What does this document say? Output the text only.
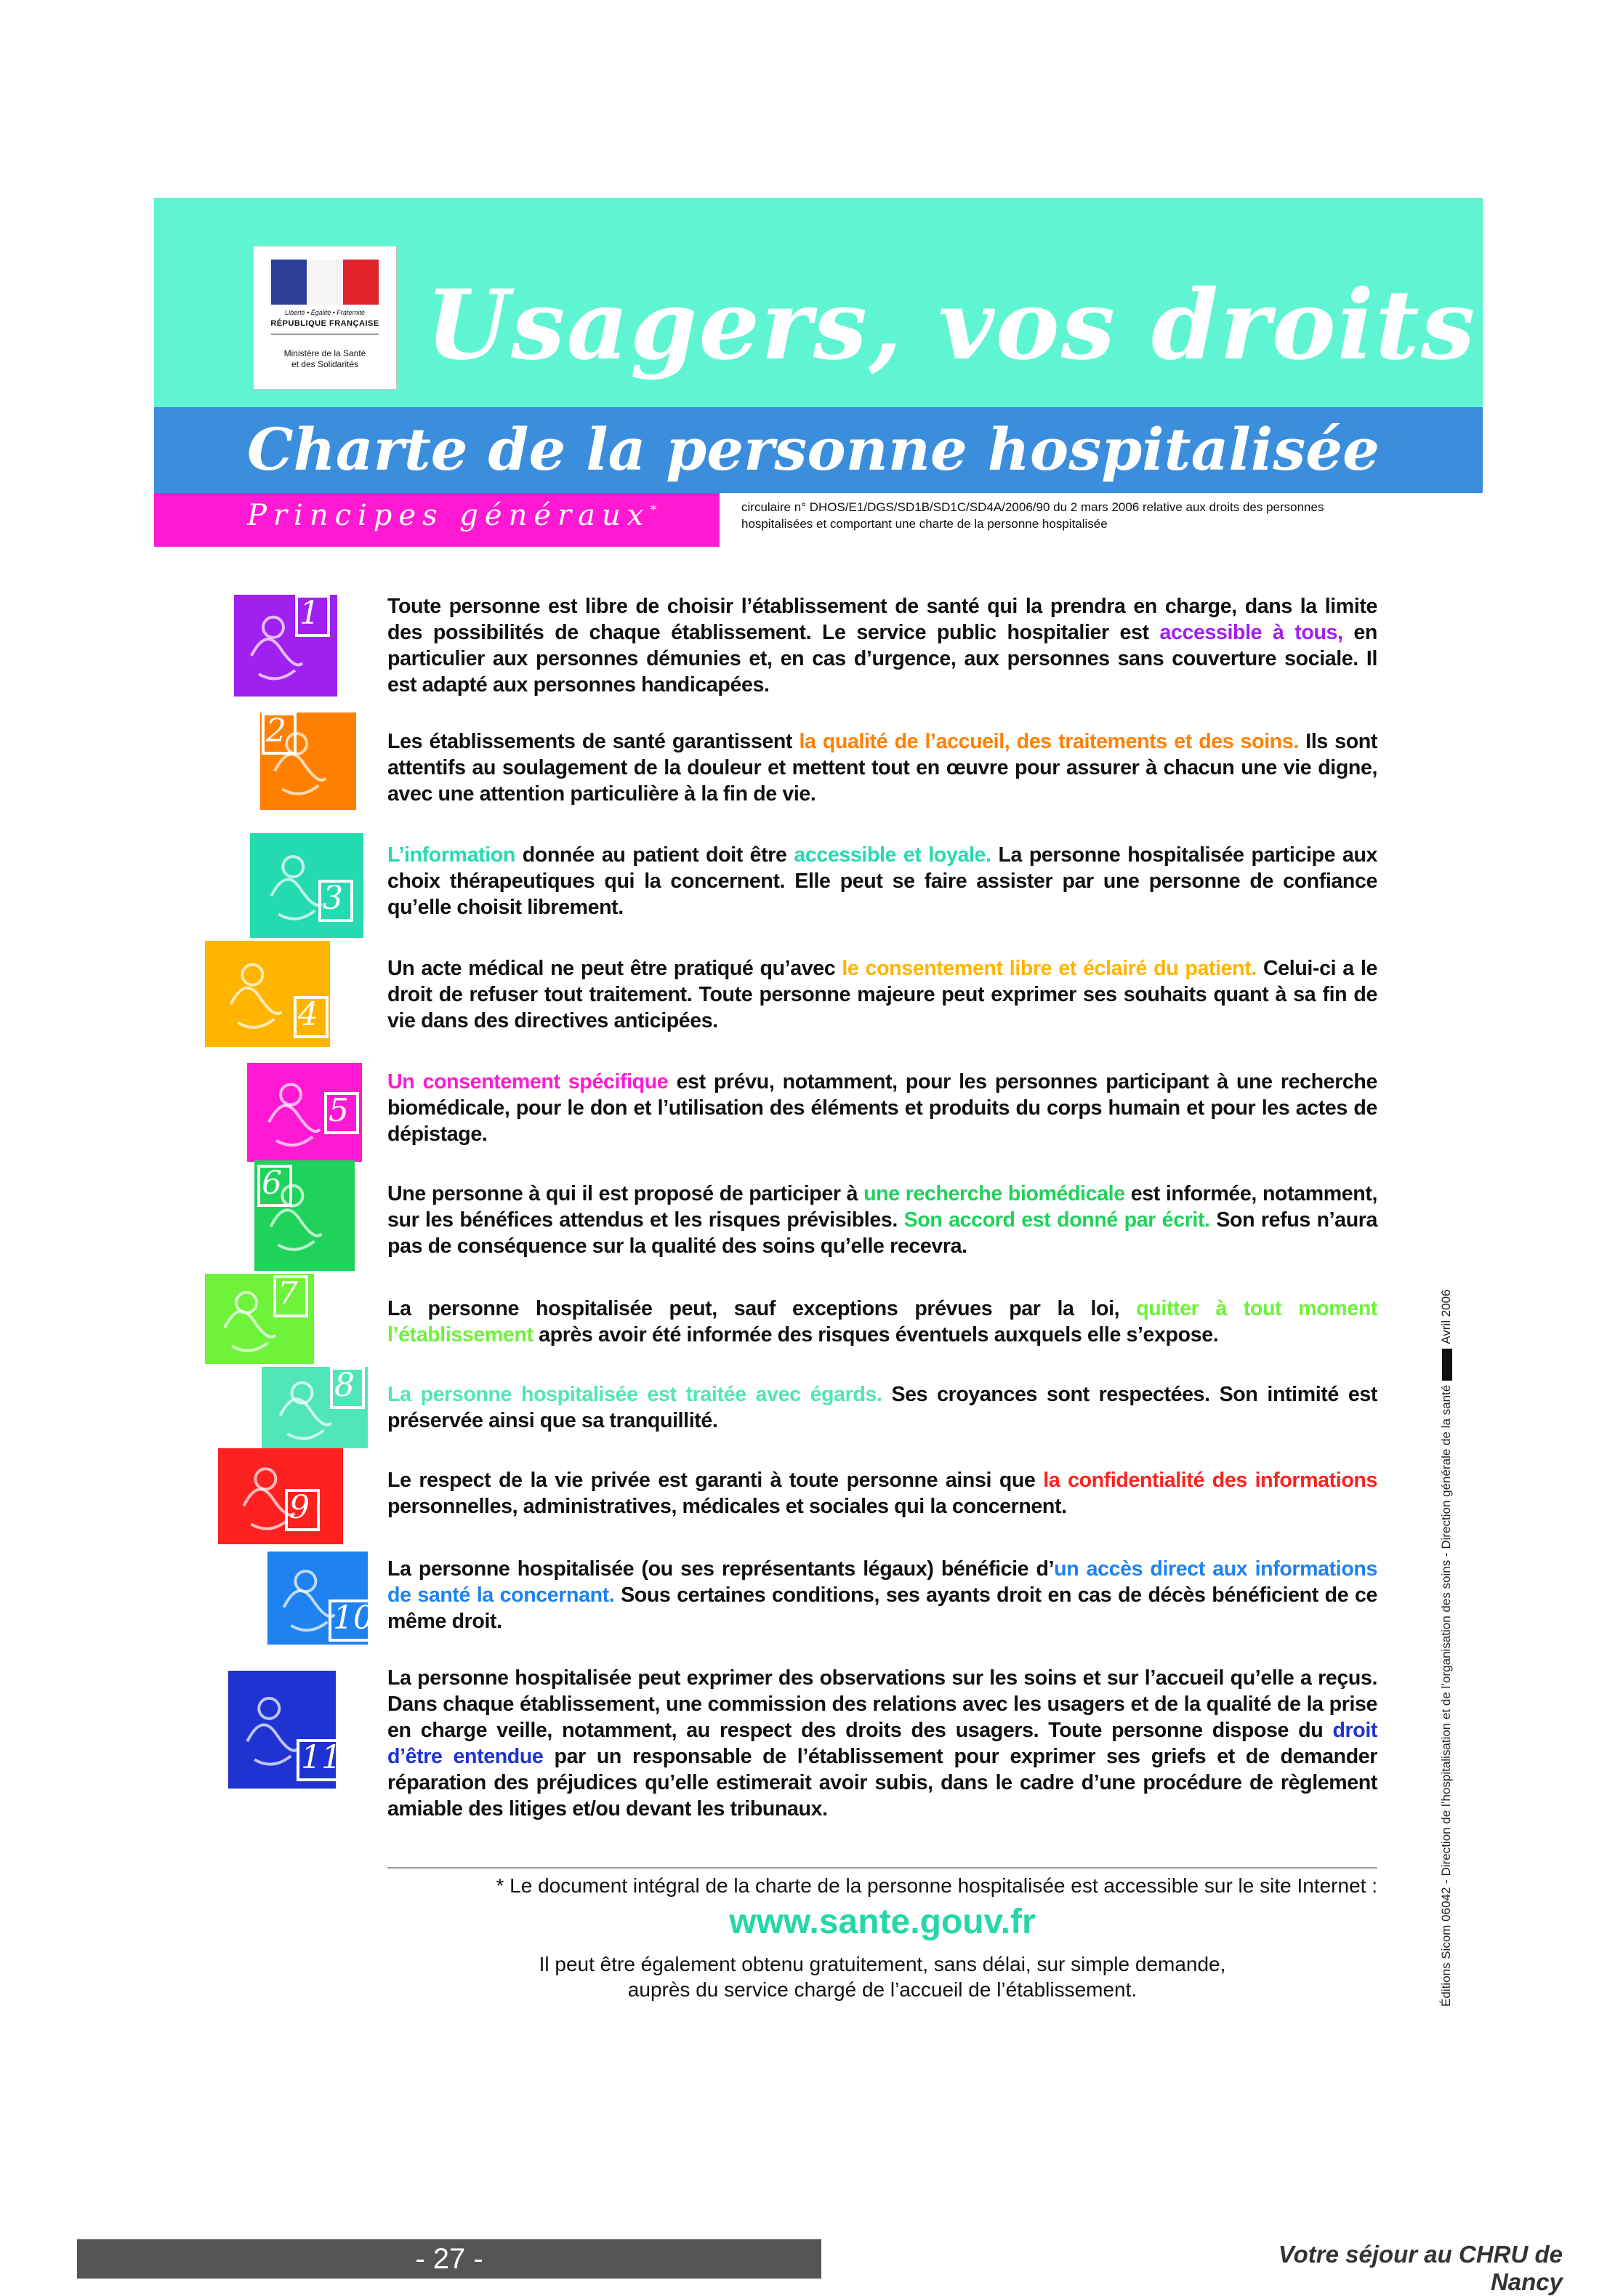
Liberté • Égalité • Fraternité
RÉPUBLIQUE FRANÇAISE
Ministère de la Santé
et des Solidarités Usagers, vos droits
Charte de la personne hospitalisée
Principes généraux*	circulaire n° DHOS/E1/DGS/SD1B/SD1C/SD4A/2006/90 du 2 mars 2006 relative aux droits des personnes hospitalisées et comportant une charte de la personne hospitalisée
1	Toute personne est libre de choisir l’établissement de santé qui la prendra en charge, dans la limite des possibilités de chaque établissement. Le service public hospitalier est accessible à tous, en particulier aux personnes démunies et, en cas d’urgence, aux personnes sans couverture sociale. Il est adapté aux personnes handicapées.
2	Les établissements de santé garantissent la qualité de l’accueil, des traitements et des soins. Ils sont attentifs au soulagement de la douleur et mettent tout en œuvre pour assurer à chacun une vie digne, avec une attention particulière à la fin de vie.
3
L’information donnée au patient doit être accessible et loyale. La personne hospitalisée participe aux choix thérapeutiques qui la concernent. Elle peut se faire assister par une personne de confiance qu’elle choisit librement.
4
Un acte médical ne peut être pratiqué qu’avec le consentement libre et éclairé du patient. Celui-ci a le droit de refuser tout traitement. Toute personne majeure peut exprimer ses souhaits quant à sa fin de vie dans des directives anticipées.
5
Un consentement spécifique est prévu, notamment, pour les personnes participant à une recherche biomédicale, pour le don et l’utilisation des éléments et produits du corps humain et pour les actes de dépistage.
6	Une personne à qui il est proposé de participer à une recherche biomédicale est informée, notamment, sur les bénéfices attendus et les risques prévisibles. Son accord est donné par écrit. Son refus n’aura pas de conséquence sur la qualité des soins qu’elle recevra.
7	La personne hospitalisée peut, sauf exceptions prévues par la loi, quitter à tout moment l’établissement après avoir été informée des risques éventuels auxquels elle s’expose.
8 La personne hospitalisée est traitée avec égards. Ses croyances sont respectées. Son intimité est préservée ainsi que sa tranquillité.
9
Le respect de la vie privée est garanti à toute personne ainsi que la confidentialité des informations personnelles, administratives, médicales et sociales qui la concernent.
10
La personne hospitalisée (ou ses représentants légaux) bénéficie d’un accès direct aux informations de santé la concernant. Sous certaines conditions, ses ayants droit en cas de décès bénéficient de ce même droit.
11
La personne hospitalisée peut exprimer des observations sur les soins et sur l’accueil qu’elle a reçus. Dans chaque établissement, une commission des relations avec les usagers et de la qualité de la prise en charge veille, notamment, au respect des droits des usagers. Toute personne dispose du droit d’être entendue par un responsable de l’établissement pour exprimer ses griefs et de demander réparation des préjudices qu’elle estimerait avoir subis, dans le cadre d’une procédure de règlement amiable des litiges et/ou devant les tribunaux.
* Le document intégral de la charte de la personne hospitalisée est accessible sur le site Internet :
www.sante.gouv.fr
Il peut être également obtenu gratuitement, sans délai, sur simple demande,
auprès du service chargé de l’accueil de l’établissement.	Éditions Sicom 06042 - Direction de l’hospitalisation et de l’organisation des soins - Direction générale de la santéAvril 2006
- 27 -	Votre séjour au CHRU de Nancy
